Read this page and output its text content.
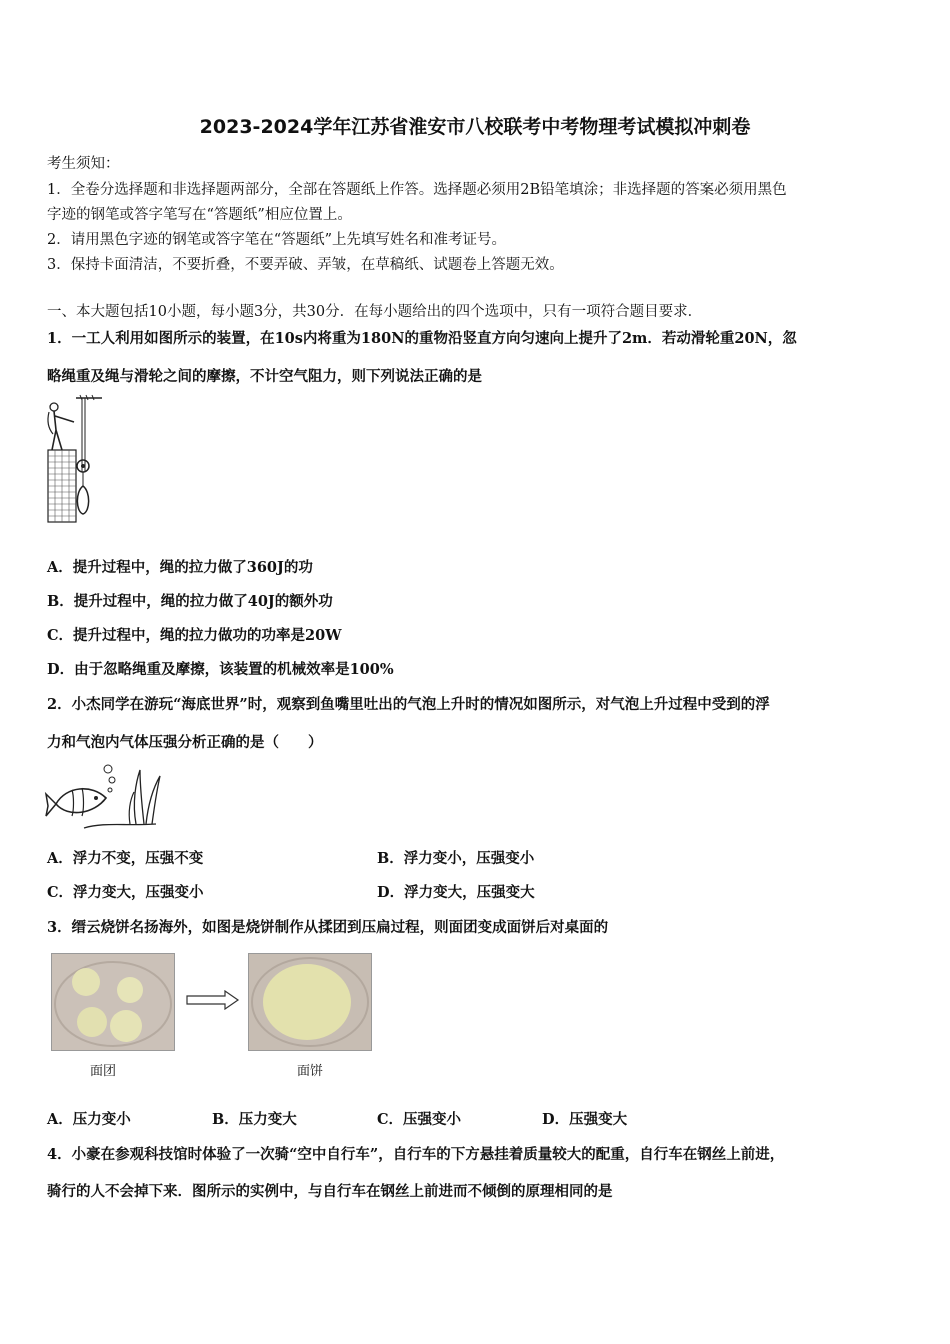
2023-2024学年江苏省淮安市八校联考中考物理考试模拟冲刺卷
考生须知：
1．全卷分选择题和非选择题两部分，全部在答题纸上作答。选择题必须用2B铅笔填涂；非选择题的答案必须用黑色
字迹的钢笔或答字笔写在“答题纸”相应位置上。
2．请用黑色字迹的钢笔或答字笔在“答题纸”上先填写姓名和准考证号。
3．保持卡面清洁，不要折叠，不要弄破、弄皱，在草稿纸、试题卷上答题无效。
一、本大题包括10小题，每小题3分，共30分．在每小题给出的四个选项中，只有一项符合题目要求．
1．一工人利用如图所示的装置，在10s内将重为180N的重物沿竖直方向匀速向上提升了2m．若动滑轮重20N，忽
略绳重及绳与滑轮之间的摩擦，不计空气阻力，则下列说法正确的是
A．提升过程中，绳的拉力做了360J的功
B．提升过程中，绳的拉力做了40J的额外功
C．提升过程中，绳的拉力做功的功率是20W
D．由于忽略绳重及摩擦，该装置的机械效率是100%
2．小杰同学在游玩“海底世界”时，观察到鱼嘴里吐出的气泡上升时的情况如图所示，对气泡上升过程中受到的浮
力和气泡内气体压强分析正确的是（　　）
A．浮力不变，压强不变	B．浮力变小，压强变小
C．浮力变大，压强变小	D．浮力变大，压强变大
3．缙云烧饼名扬海外，如图是烧饼制作从揉团到压扁过程，则面团变成面饼后对桌面的
面团	面饼
A．压力变小	B．压力变大	C．压强变小	D．压强变大
4．小豪在参观科技馆时体验了一次骑“空中自行车”，自行车的下方悬挂着质量较大的配重，自行车在钢丝上前进，
骑行的人不会掉下来．图所示的实例中，与自行车在钢丝上前进而不倾倒的原理相同的是
